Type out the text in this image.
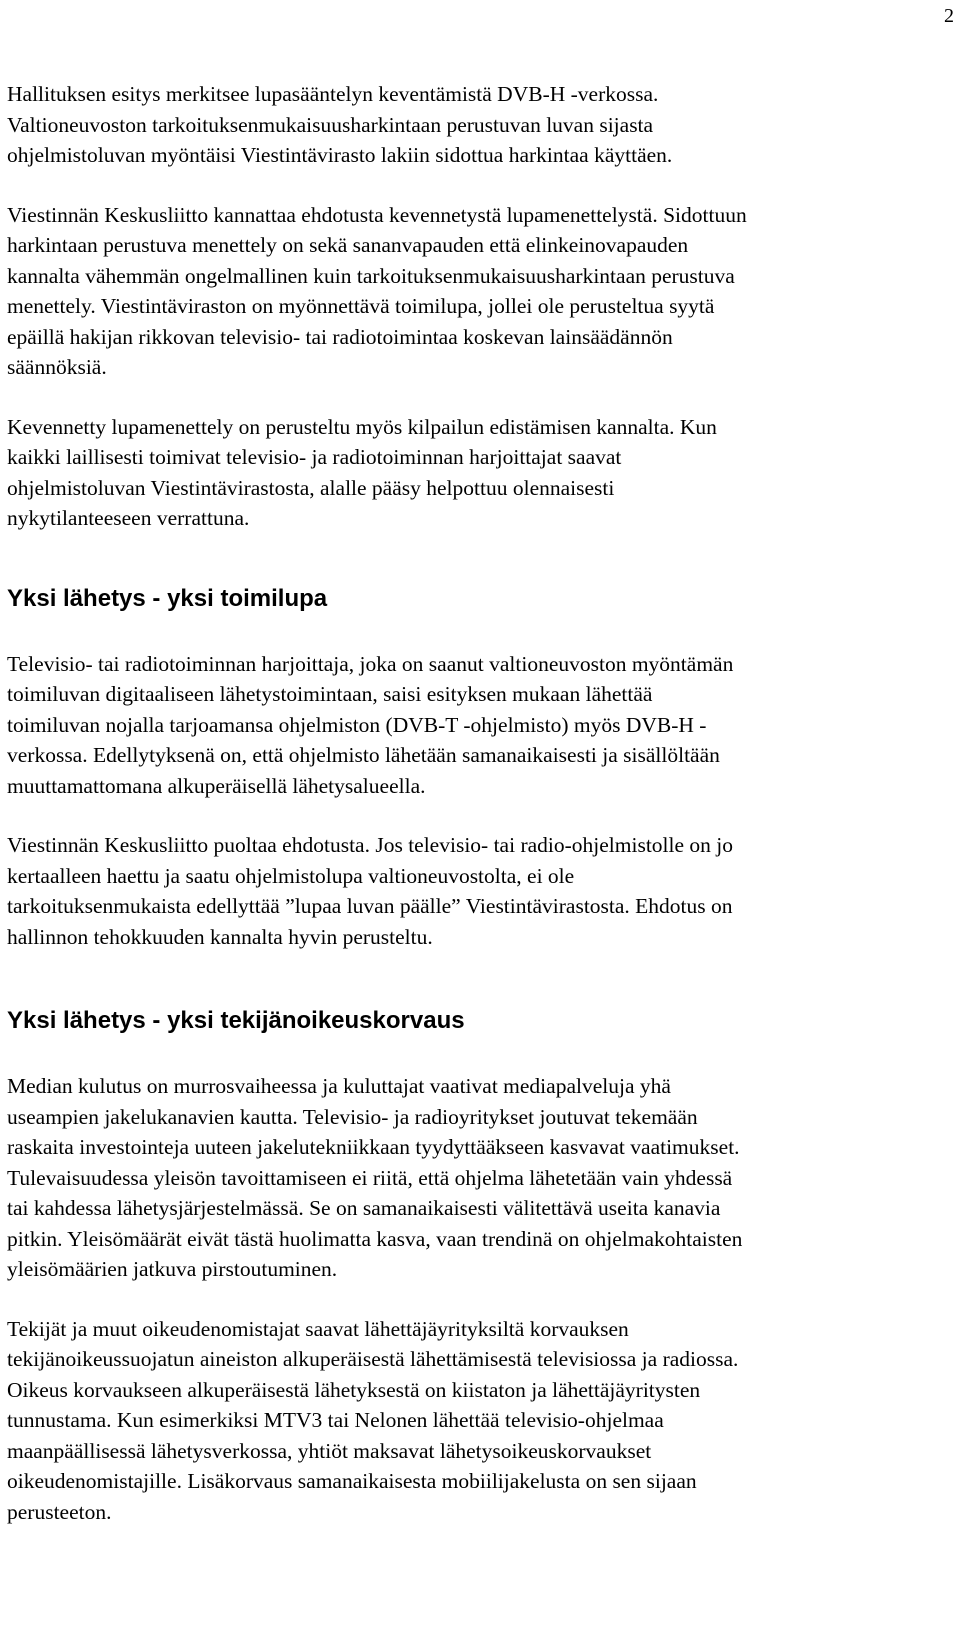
2

Hallituksen esitys merkitsee lupasääntelyn keventämistä DVB-H -verkossa.
Valtioneuvoston tarkoituksenmukaisuusharkintaan perustuvan luvan sijasta
ohjelmistoluvan myöntäisi Viestintävirasto lakiin sidottua harkintaa käyttäen.

Viestinnän Keskusliitto kannattaa ehdotusta kevennetystä lupamenettelystä. Sidottuun
harkintaan perustuva menettely on sekä sananvapauden että elinkeinovapauden
kannalta vähemmän ongelmallinen kuin tarkoituksenmukaisuusharkintaan perustuva
menettely. Viestintäviraston on myönnettävä toimilupa, jollei ole perusteltua syytä
epäillä hakijan rikkovan televisio- tai radiotoimintaa koskevan lainsäädännön
säännöksiä.

Kevennetty lupamenettely on perusteltu myös kilpailun edistämisen kannalta. Kun
kaikki laillisesti toimivat televisio- ja radiotoiminnan harjoittajat saavat
ohjelmistoluvan Viestintävirastosta, alalle pääsy helpottuu olennaisesti
nykytilanteeseen verrattuna.

Yksi lähetys - yksi toimilupa

Televisio- tai radiotoiminnan harjoittaja, joka on saanut valtioneuvoston myöntämän
toimiluvan digitaaliseen lähetystoimintaan, saisi esityksen mukaan lähettää
toimiluvan nojalla tarjoamansa ohjelmiston (DVB-T -ohjelmisto) myös DVB-H -
verkossa. Edellytyksenä on, että ohjelmisto lähetään samanaikaisesti ja sisällöltään
muuttamattomana alkuperäisellä lähetysalueella.

Viestinnän Keskusliitto puoltaa ehdotusta. Jos televisio- tai radio-ohjelmistolle on jo
kertaalleen haettu ja saatu ohjelmistolupa valtioneuvostolta, ei ole
tarkoituksenmukaista edellyttää ”lupaa luvan päälle” Viestintävirastosta. Ehdotus on
hallinnon tehokkuuden kannalta hyvin perusteltu.

Yksi lähetys - yksi tekijänoikeuskorvaus

Median kulutus on murrosvaiheessa ja kuluttajat vaativat mediapalveluja yhä
useampien jakelukanavien kautta. Televisio- ja radioyritykset joutuvat tekemään
raskaita investointeja uuteen jakelutekniikkaan tyydyttääkseen kasvavat vaatimukset.
Tulevaisuudessa yleisön tavoittamiseen ei riitä, että ohjelma lähetetään vain yhdessä
tai kahdessa lähetysjärjestelmässä. Se on samanaikaisesti välitettävä useita kanavia
pitkin. Yleisömäärät eivät tästä huolimatta kasva, vaan trendinä on ohjelmakohtaisten
yleisömäärien jatkuva pirstoutuminen.

Tekijät ja muut oikeudenomistajat saavat lähettäjäyrityksiltä korvauksen
tekijänoikeussuojatun aineiston alkuperäisestä lähettämisestä televisiossa ja radiossa.
Oikeus korvaukseen alkuperäisestä lähetyksestä on kiistaton ja lähettäjäyritysten
tunnustama. Kun esimerkiksi MTV3 tai Nelonen lähettää televisio-ohjelmaa
maanpäällisessä lähetysverkossa, yhtiöt maksavat lähetysoikeuskorvaukset
oikeudenomistajille. Lisäkorvaus samanaikaisesta mobiilijakelusta on sen sijaan
perusteeton.
